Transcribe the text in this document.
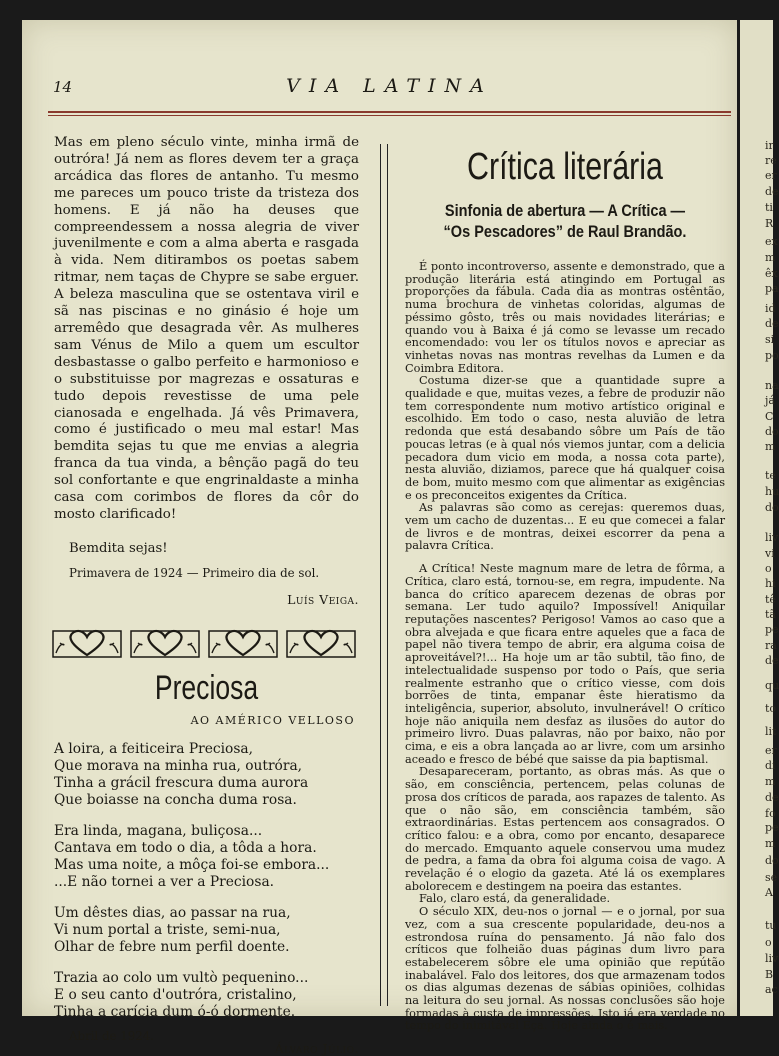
14	VIA LATINA

Mas em pleno século vinte, minha irmã de outróra! Já nem as flores devem ter a graça arcádica das flores de antanho. Tu mesmo me pareces um pouco triste da tristeza dos homens. E já não ha deuses que compreendessem a nossa alegria de viver juvenilmente e com a alma aberta e rasgada à vida. Nem ditirambos os poetas sabem ritmar, nem taças de Chypre se sabe erguer. A beleza masculina que se ostentava viril e sã nas piscinas e no ginásio é hoje um arremêdo que desagrada vêr. As mulheres sam Vénus de Milo a quem um escultor desbastasse o galbo perfeito e harmonioso e o substituisse por magrezas e ossaturas e tudo depois revestisse de uma pele cianosada e engelhada. Já vês Primavera, como é justificado o meu mal estar! Mas bemdita sejas tu que me envias a alegria franca da tua vinda, a bênção pagã do teu sol confortante e que engrinaldaste a minha casa com corimbos de flores da côr do mosto clarificado!

Bemdita sejas!
Primavera de 1924 — Primeiro dia de sol.
Luís Veiga.
Preciosa
AO AMÉRICO VELLOSO
A loira, a feiticeira Preciosa,
Que morava na minha rua, outróra,
Tinha a grácil frescura duma aurora
Que boiasse na concha duma rosa.
Era linda, magana, buliçosa...
Cantava em todo o dia, a tôda a hora.
Mas uma noite, a môça foi-se embora...
...E não tornei a ver a Preciosa.
Um dêstes dias, ao passar na rua,
Vi num portal a triste, semi-nua,
Olhar de febre num perfil doente.
Trazia ao colo um vultò pequenino...
E o seu canto d'outróra, cristalino,
Tinha a carícia dum ó-ó dormente.
Abril de 1924.
Álvaro Júlio.
Crítica literária
Sinfonia de abertura — A Crítica —
“Os Pescadores” de Raul Brandão.

É ponto incontroverso, assente e demonstrado, que a produção literária está atingindo em Portugal as proporções da fábula. Cada dia as montras ostêntão, numa brochura de vinhetas coloridas, algumas de péssimo gôsto, três ou mais novidades literárias; e quando vou à Baixa é já como se levasse um recado encomendado: vou ler os títulos novos e apreciar as vinhetas novas nas montras revelhas da Lumen e da Coimbra Editora.

Costuma dizer-se que a quantidade supre a qualidade e que, muitas vezes, a febre de produzir não tem correspondente num motivo artístico original e escolhido. Em todo o caso, nesta aluvião de letra redonda que está desabando sôbre um País de tão poucas letras (e à qual nós viemos juntar, com a delicia pecadora dum vicio em moda, a nossa cota parte), nesta aluvião, diziamos, parece que há qualquer coisa de bom, muito mesmo com que alimentar as exigências e os preconceitos exigentes da Crítica.

As palavras são como as cerejas: queremos duas, vem um cacho de duzentas... E eu que comecei a falar de livros e de montras, deixei escorrer da pena a palavra Crítica.

A Crítica! Neste magnum mare de letra de fôrma, a Crítica, claro está, tornou-se, em regra, impudente. Na banca do crítico aparecem dezenas de obras por semana. Ler tudo aquilo? Impossível! Aniquilar reputações nascentes? Perigoso! Vamos ao caso que a obra alvejada e que ficara entre aqueles que a faca de papel não tivera tempo de abrir, era alguma coisa de aproveitável?!... Ha hoje um ar tão subtil, tão fino, de intelectualidade suspenso por todo o País, que seria realmente estranho que o crítico viesse, com dois borrões de tinta, empanar êste hieratismo da inteligência, superior, absoluto, invulnerável! O crítico hoje não aniquila nem desfaz as ilusões do autor do primeiro livro. Duas palavras, não por baixo, não por cima, e eis a obra lançada ao ar livre, com um arsinho aceado e fresco de bébé que saisse da pia baptismal.

Desapareceram, portanto, as obras más. As que o são, em consciência, pertencem, pelas colunas de prosa dos críticos de parada, aos rapazes de talento. As que o não são, em consciência também, são extraordinárias. Estas pertencem aos consagrados. O crítico falou: e a obra, como por encanto, desaparece do mercado. Emquanto aquele conservou uma mudez de pedra, a fama da obra foi alguma coisa de vago. A revelação é o elogio da gazeta. Até lá os exemplares abolorecem e destingem na poeira das estantes.

Falo, claro está, da generalidade.

O século XIX, deu-nos o jornal — e o jornal, por sua vez, com a sua crescente popularidade, deu-nos a estrondosa ruína do pensamento. Já não falo dos críticos que folheião duas páginas dum livro para estabelecerem sôbre ele uma opinião que repútão inabalável. Falo dos leitores, dos que armazenam todos os dias algumas dezenas de sábias opiniões, colhidas na leitura do seu jornal. As nossas conclusões são hoje formadas à custa de impressões. Isto já era verdade no tempo do inimitável Eça. Hoje ainda o é mais.

ir
re
er
de
ti
R
ex
m
êx
pa
id
de
si
po
na
já
C
do
m
te
hu
do
liv
vi
o
hi
tê
tã
pe
ra
de
qu
to
lit
er
di
m
de
fo
pe
m
do
se
A
tu
o
liv
B
ac
